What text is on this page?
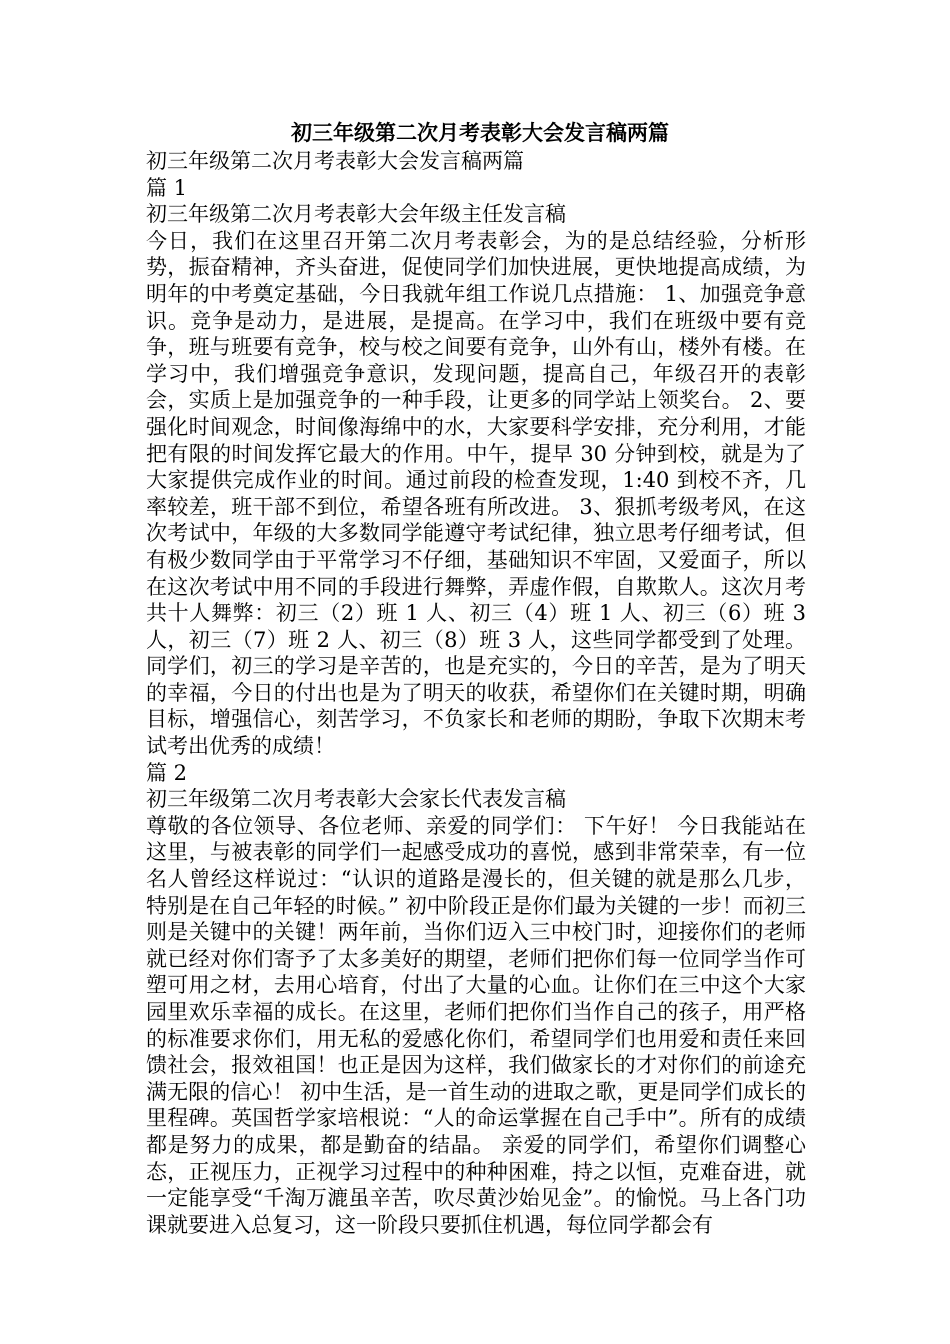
初三年级第二次月考表彰大会发言稿两篇

初三年级第二次月考表彰大会发言稿两篇

篇 1

初三年级第二次月考表彰大会年级主任发言稿

今日，我们在这里召开第二次月考表彰会，为的是总结经验，分析形势，振奋精神，齐头奋进，促使同学们加快进展，更快地提高成绩，为明年的中考奠定基础，今日我就年组工作说几点措施： 1、加强竞争意识。竞争是动力，是进展，是提高。在学习中，我们在班级中要有竞争，班与班要有竞争，校与校之间要有竞争，山外有山，楼外有楼。在学习中，我们增强竞争意识，发现问题，提高自己，年级召开的表彰会，实质上是加强竞争的一种手段，让更多的同学站上领奖台。 2、要强化时间观念，时间像海绵中的水，大家要科学安排，充分利用，才能把有限的时间发挥它最大的作用。中午，提早 30 分钟到校，就是为了大家提供完成作业的时间。通过前段的检查发现，1:40 到校不齐，几率较差，班干部不到位，希望各班有所改进。 3、狠抓考级考风，在这次考试中，年级的大多数同学能遵守考试纪律，独立思考仔细考试，但有极少数同学由于平常学习不仔细，基础知识不牢固，又爱面子，所以在这次考试中用不同的手段进行舞弊，弄虚作假，自欺欺人。这次月考共十人舞弊：初三（2）班 1 人、初三（4）班 1 人、初三（6）班 3 人，初三（7）班 2 人、初三（8）班 3 人，这些同学都受到了处理。 同学们，初三的学习是辛苦的，也是充实的，今日的辛苦，是为了明天的幸福，今日的付出也是为了明天的收获，希望你们在关键时期，明确目标，增强信心，刻苦学习，不负家长和老师的期盼，争取下次期末考试考出优秀的成绩！

篇 2

初三年级第二次月考表彰大会家长代表发言稿

尊敬的各位领导、各位老师、亲爱的同学们： 下午好！ 今日我能站在这里，与被表彰的同学们一起感受成功的喜悦，感到非常荣幸，有一位名人曾经这样说过：“认识的道路是漫长的，但关键的就是那么几步，特别是在自己年轻的时候。” 初中阶段正是你们最为关键的一步！而初三则是关键中的关键！两年前，当你们迈入三中校门时，迎接你们的老师就已经对你们寄予了太多美好的期望，老师们把你们每一位同学当作可塑可用之材，去用心培育，付出了大量的心血。让你们在三中这个大家园里欢乐幸福的成长。在这里，老师们把你们当作自己的孩子，用严格的标准要求你们，用无私的爱感化你们，希望同学们也用爱和责任来回馈社会，报效祖国！也正是因为这样，我们做家长的才对你们的前途充满无限的信心！ 初中生活，是一首生动的进取之歌，更是同学们成长的里程碑。英国哲学家培根说：“人的命运掌握在自己手中”。所有的成绩都是努力的成果，都是勤奋的结晶。 亲爱的同学们，希望你们调整心态，正视压力，正视学习过程中的种种困难，持之以恒，克难奋进，就一定能享受“千淘万漉虽辛苦，吹尽黄沙始见金”。的愉悦。马上各门功课就要进入总复习，这一阶段只要抓住机遇，每位同学都会有
